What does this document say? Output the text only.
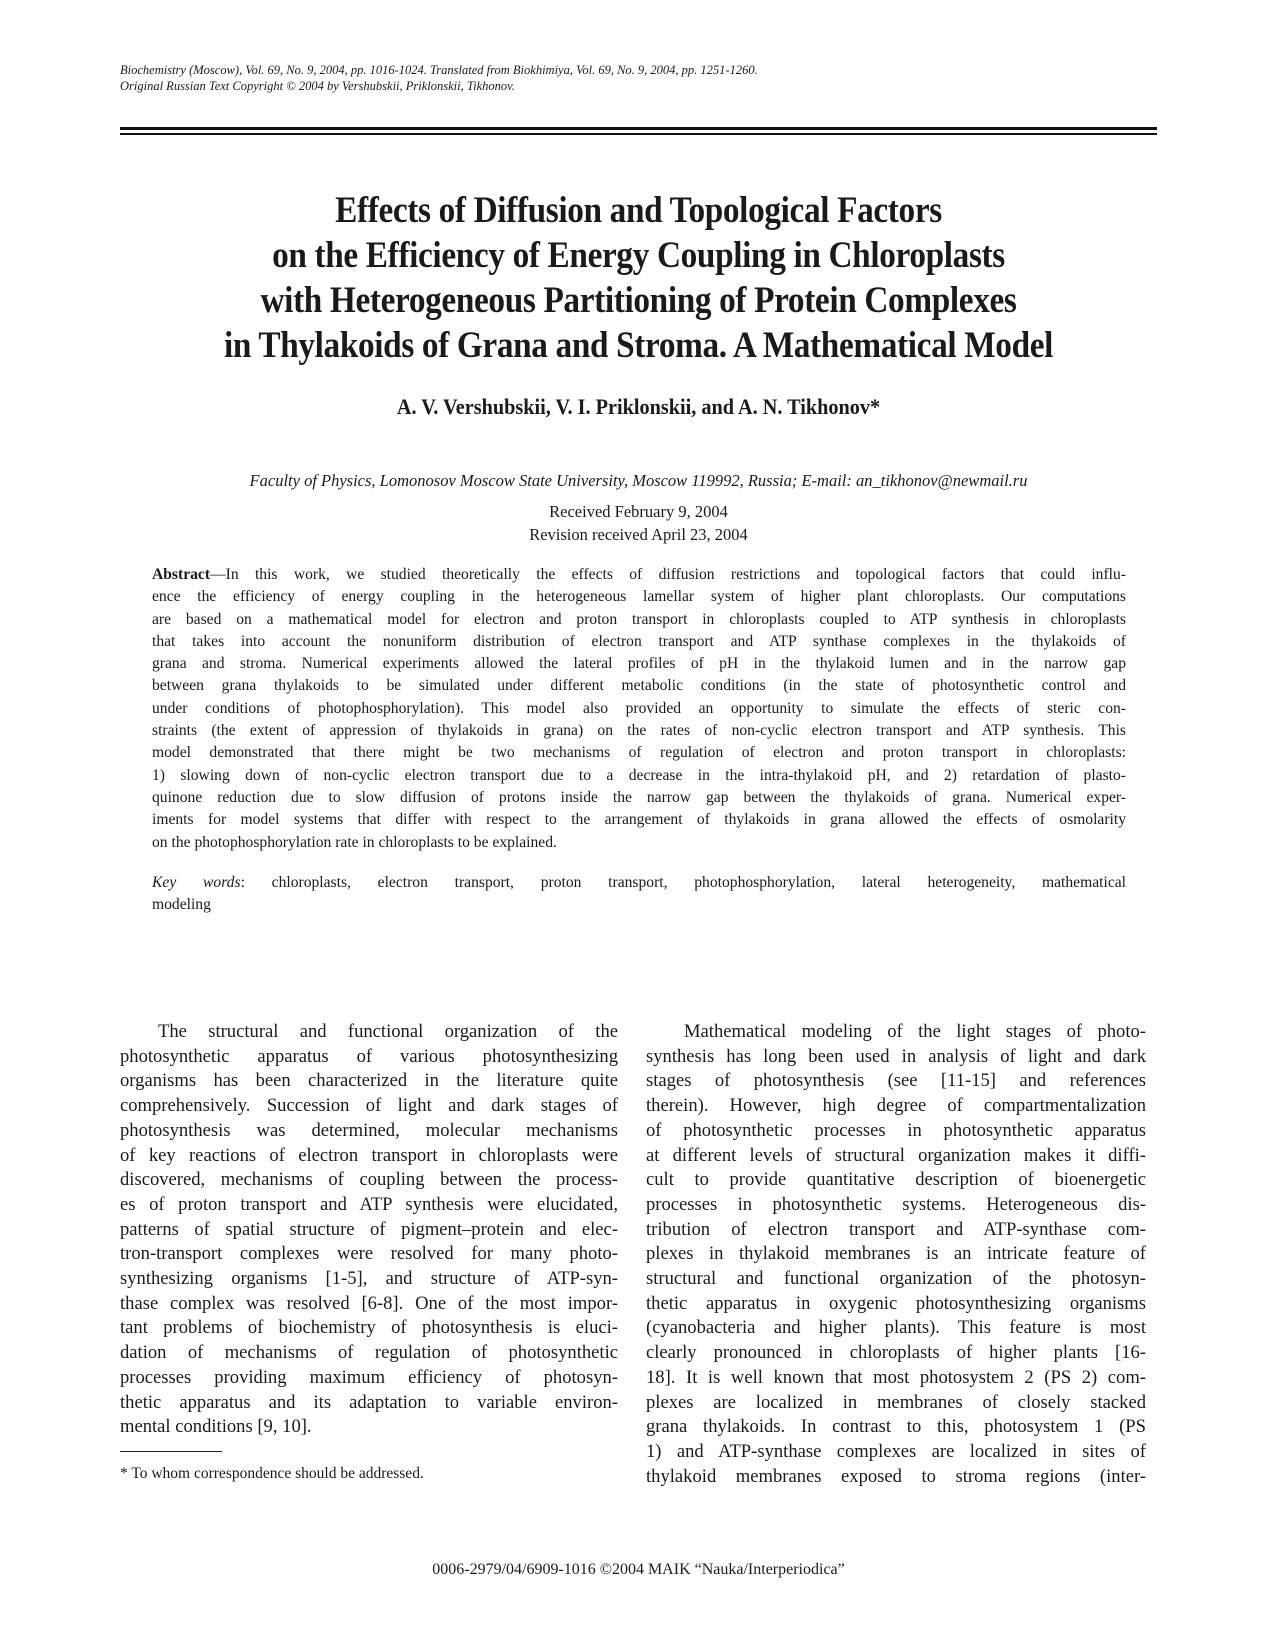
Biochemistry (Moscow), Vol. 69, No. 9, 2004, pp. 1016-1024. Translated from Biokhimiya, Vol. 69, No. 9, 2004, pp. 1251-1260.
Original Russian Text Copyright © 2004 by Vershubskii, Priklonskii, Tikhonov.
Effects of Diffusion and Topological Factors
on the Efficiency of Energy Coupling in Chloroplasts
with Heterogeneous Partitioning of Protein Complexes
in Thylakoids of Grana and Stroma. A Mathematical Model
A. V. Vershubskii, V. I. Priklonskii, and A. N. Tikhonov*
Faculty of Physics, Lomonosov Moscow State University, Moscow 119992, Russia; E-mail: an_tikhonov@newmail.ru
Received February 9, 2004
Revision received April 23, 2004
Abstract—In this work, we studied theoretically the effects of diffusion restrictions and topological factors that could influ-
ence the efficiency of energy coupling in the heterogeneous lamellar system of higher plant chloroplasts. Our computations
are based on a mathematical model for electron and proton transport in chloroplasts coupled to ATP synthesis in chloroplasts
that takes into account the nonuniform distribution of electron transport and ATP synthase complexes in the thylakoids of
grana and stroma. Numerical experiments allowed the lateral profiles of pH in the thylakoid lumen and in the narrow gap
between grana thylakoids to be simulated under different metabolic conditions (in the state of photosynthetic control and
under conditions of photophosphorylation). This model also provided an opportunity to simulate the effects of steric con-
straints (the extent of appression of thylakoids in grana) on the rates of non-cyclic electron transport and ATP synthesis. This
model demonstrated that there might be two mechanisms of regulation of electron and proton transport in chloroplasts:
1) slowing down of non-cyclic electron transport due to a decrease in the intra-thylakoid pH, and 2) retardation of plasto-
quinone reduction due to slow diffusion of protons inside the narrow gap between the thylakoids of grana. Numerical exper-
iments for model systems that differ with respect to the arrangement of thylakoids in grana allowed the effects of osmolarity
on the photophosphorylation rate in chloroplasts to be explained.
Key words: chloroplasts, electron transport, proton transport, photophosphorylation, lateral heterogeneity, mathematical
modeling
The structural and functional organization of the
photosynthetic apparatus of various photosynthesizing
organisms has been characterized in the literature quite
comprehensively. Succession of light and dark stages of
photosynthesis was determined, molecular mechanisms
of key reactions of electron transport in chloroplasts were
discovered, mechanisms of coupling between the process-
es of proton transport and ATP synthesis were elucidated,
patterns of spatial structure of pigment–protein and elec-
tron-transport complexes were resolved for many photo-
synthesizing organisms [1-5], and structure of ATP-syn-
thase complex was resolved [6-8]. One of the most impor-
tant problems of biochemistry of photosynthesis is eluci-
dation of mechanisms of regulation of photosynthetic
processes providing maximum efficiency of photosyn-
thetic apparatus and its adaptation to variable environ-
mental conditions [9, 10].
Mathematical modeling of the light stages of photo-
synthesis has long been used in analysis of light and dark
stages of photosynthesis (see [11-15] and references
therein). However, high degree of compartmentalization
of photosynthetic processes in photosynthetic apparatus
at different levels of structural organization makes it diffi-
cult to provide quantitative description of bioenergetic
processes in photosynthetic systems. Heterogeneous dis-
tribution of electron transport and ATP-synthase com-
plexes in thylakoid membranes is an intricate feature of
structural and functional organization of the photosyn-
thetic apparatus in oxygenic photosynthesizing organisms
(cyanobacteria and higher plants). This feature is most
clearly pronounced in chloroplasts of higher plants [16-
18]. It is well known that most photosystem 2 (PS 2) com-
plexes are localized in membranes of closely stacked
grana thylakoids. In contrast to this, photosystem 1 (PS
1) and ATP-synthase complexes are localized in sites of
thylakoid membranes exposed to stroma regions (inter-
* To whom correspondence should be addressed.
0006-2979/04/6909-1016 ©2004 MAIK “Nauka/Interperiodica”
